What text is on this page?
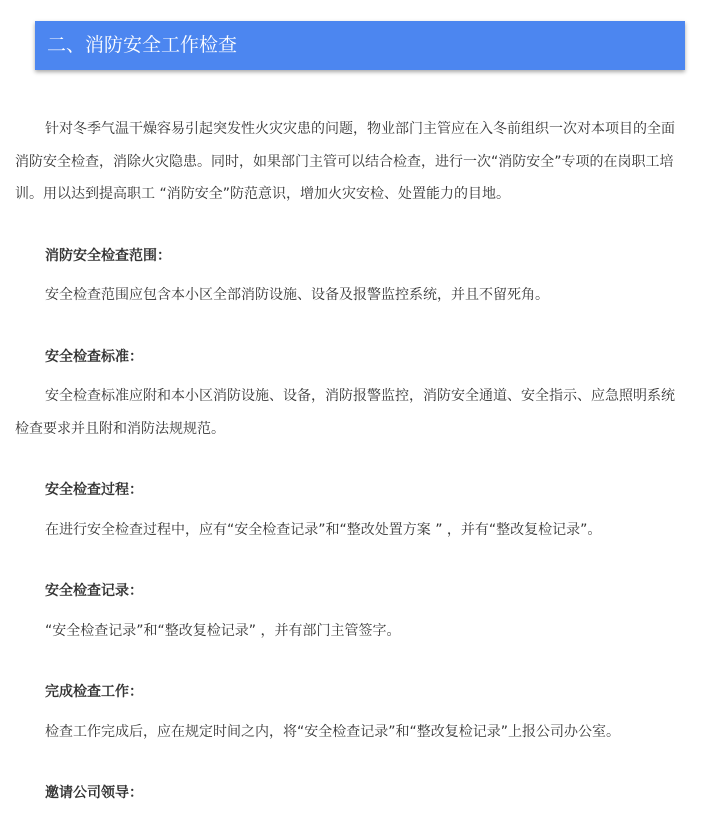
二、消防安全工作检查

针对冬季气温干燥容易引起突发性火灾灾患的问题，物业部门主管应在入冬前组织一次对本项目的全面消防安全检查，消除火灾隐患。同时，如果部门主管可以结合检查，进行一次“消防安全”专项的在岗职工培训。用以达到提高职工 “消防安全”防范意识，增加火灾安检、处置能力的目地。

消防安全检查范围：

安全检查范围应包含本小区全部消防设施、设备及报警监控系统，并且不留死角。

安全检查标准：

安全检查标准应附和本小区消防设施、设备，消防报警监控，消防安全通道、安全指示、应急照明系统检查要求并且附和消防法规规范。

安全检查过程：

在进行安全检查过程中，应有“安全检查记录”和“整改处置方案 ” ，并有“整改复检记录”。

安全检查记录：

“安全检查记录”和“整改复检记录” ，并有部门主管签字。

完成检查工作：

检查工作完成后，应在规定时间之内，将“安全检查记录”和“整改复检记录”上报公司办公室。

邀请公司领导：
